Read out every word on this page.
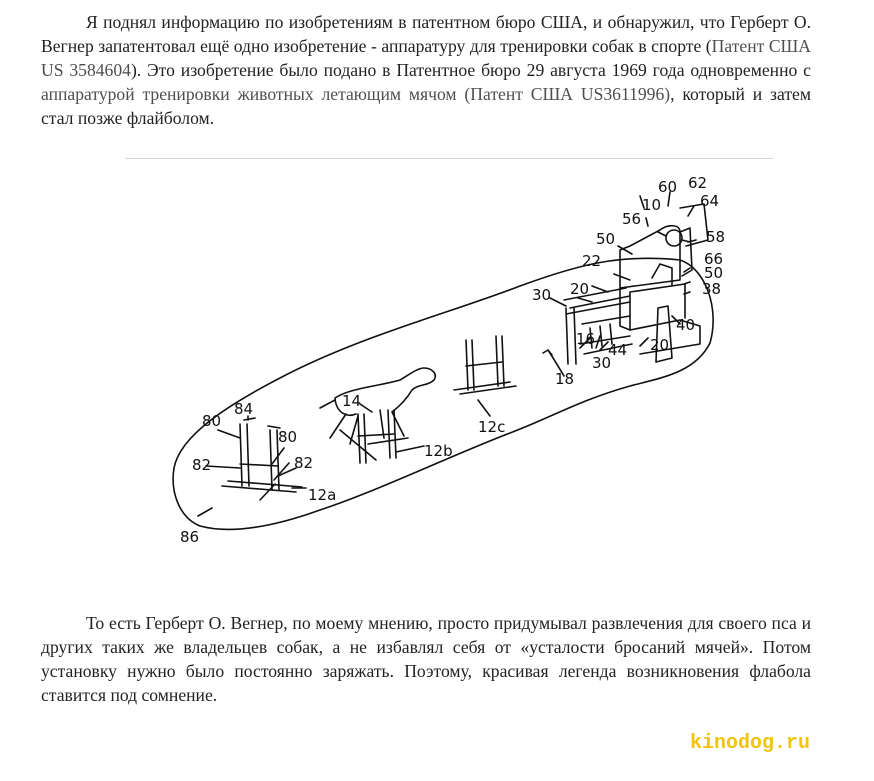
Я поднял информацию по изобретениям в патентном бюро США, и обнаружил, что Герберт О. Вегнер запатентовал ещё одно изобретение - аппаратуру для тренировки собак в спорте (Патент США US 3584604). Это изобретение было подано в Патентное бюро 29 августа 1969 года одновременно с аппаратурой тренировки животных летающим мячом (Патент США US3611996), который и затем стал позже флайболом.

80
84
80
82	82
12a
86
14
12b
12c
18
16
30
44 20
40
30 20
22
50
56
10
60 62
64
58
66
50
38

То есть Герберт О. Вегнер, по моему мнению, просто придумывал развлечения для своего пса и других таких же владельцев собак, а не избавлял себя от «усталости бросаний мячей». Потом установку нужно было постоянно заряжать. Поэтому, красивая легенда возникновения флабола ставится под сомнение.

kinodog.ru
